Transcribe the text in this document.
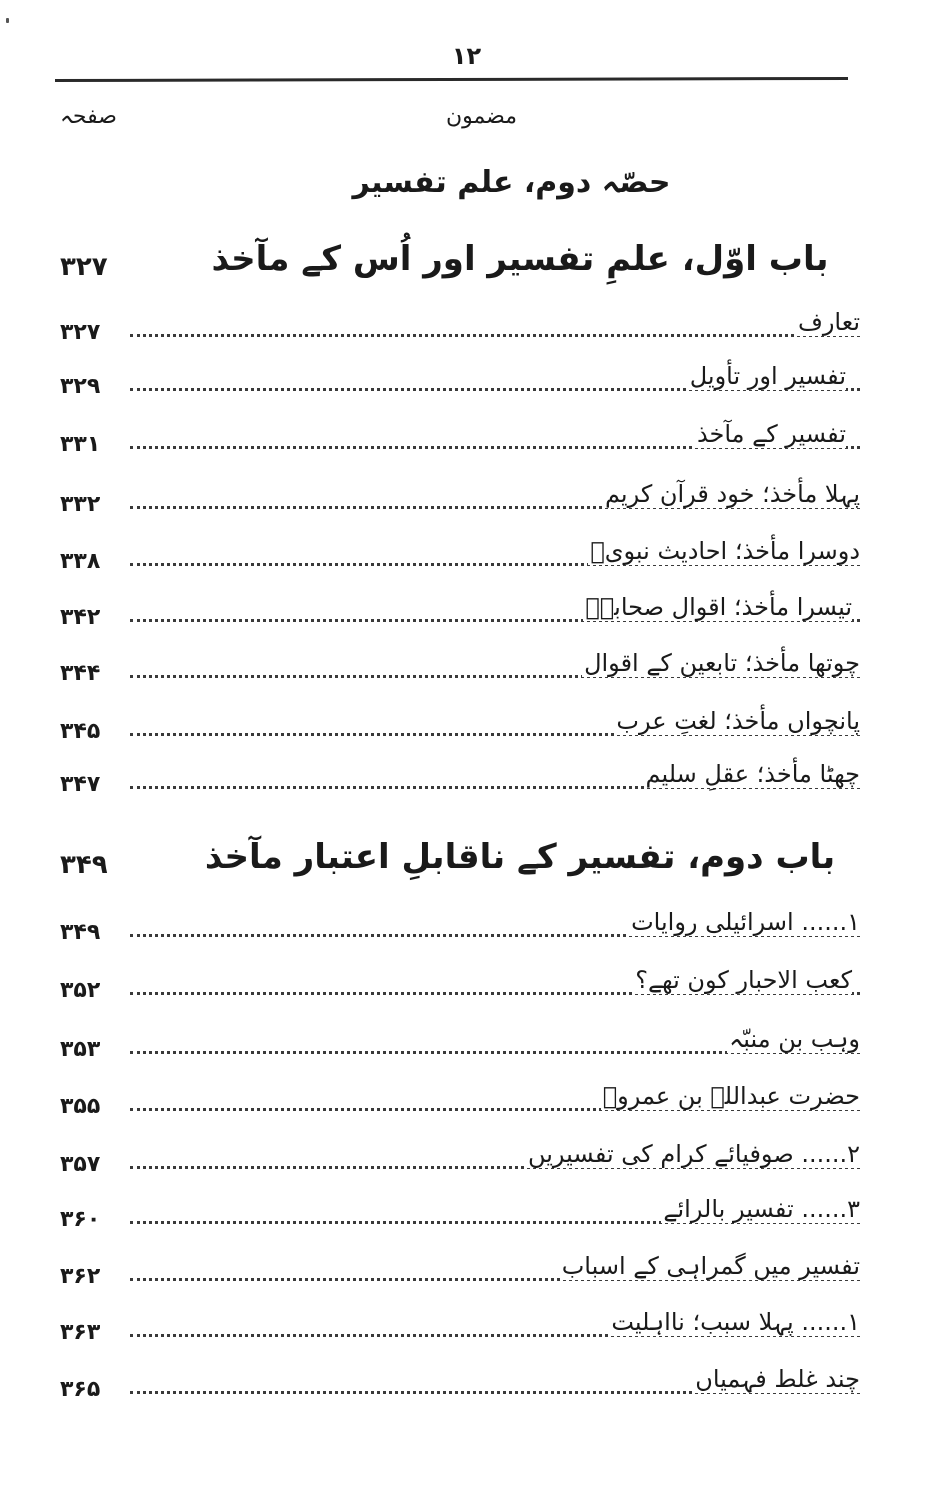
۱۲
مضمون
صفحہ
حصّہ دوم، علم تفسیر
باب اوّل، علمِ تفسیر اور اُس کے مآخذ
۳۲۷
تعارف
۳۲۷
تفسیر اور تأویل
۳۲۹
تفسیر کے مآخذ
۳۳۱
پہلا مأخذ؛ خود قرآن کریم
۳۳۲
دوسرا مأخذ؛ احادیث نبویؐ
۳۳۸
تیسرا مأخذ؛ اقوال صحابہؓ
۳۴۲
چوتھا مأخذ؛ تابعین کے اقوال
۳۴۴
پانچواں مأخذ؛ لغتِ عرب
۳۴۵
چھٹا مأخذ؛ عقلِ سلیم
۳۴۷
باب دوم، تفسیر کے ناقابلِ اعتبار مآخذ
۳۴۹
۱...... اسرائیلی روایات
۳۴۹
کعب الاحبار کون تھے؟
۳۵۲
وہب بن منبّہ
۳۵۳
حضرت عبداللہ بن عمروؓ
۳۵۵
۲...... صوفیائے کرام کی تفسیریں
۳۵۷
۳...... تفسیر بالرائے
۳۶۰
تفسیر میں گمراہی کے اسباب
۳۶۲
۱...... پہلا سبب؛ نااہلیت
۳۶۳
چند غلط فہمیاں
۳۶۵
